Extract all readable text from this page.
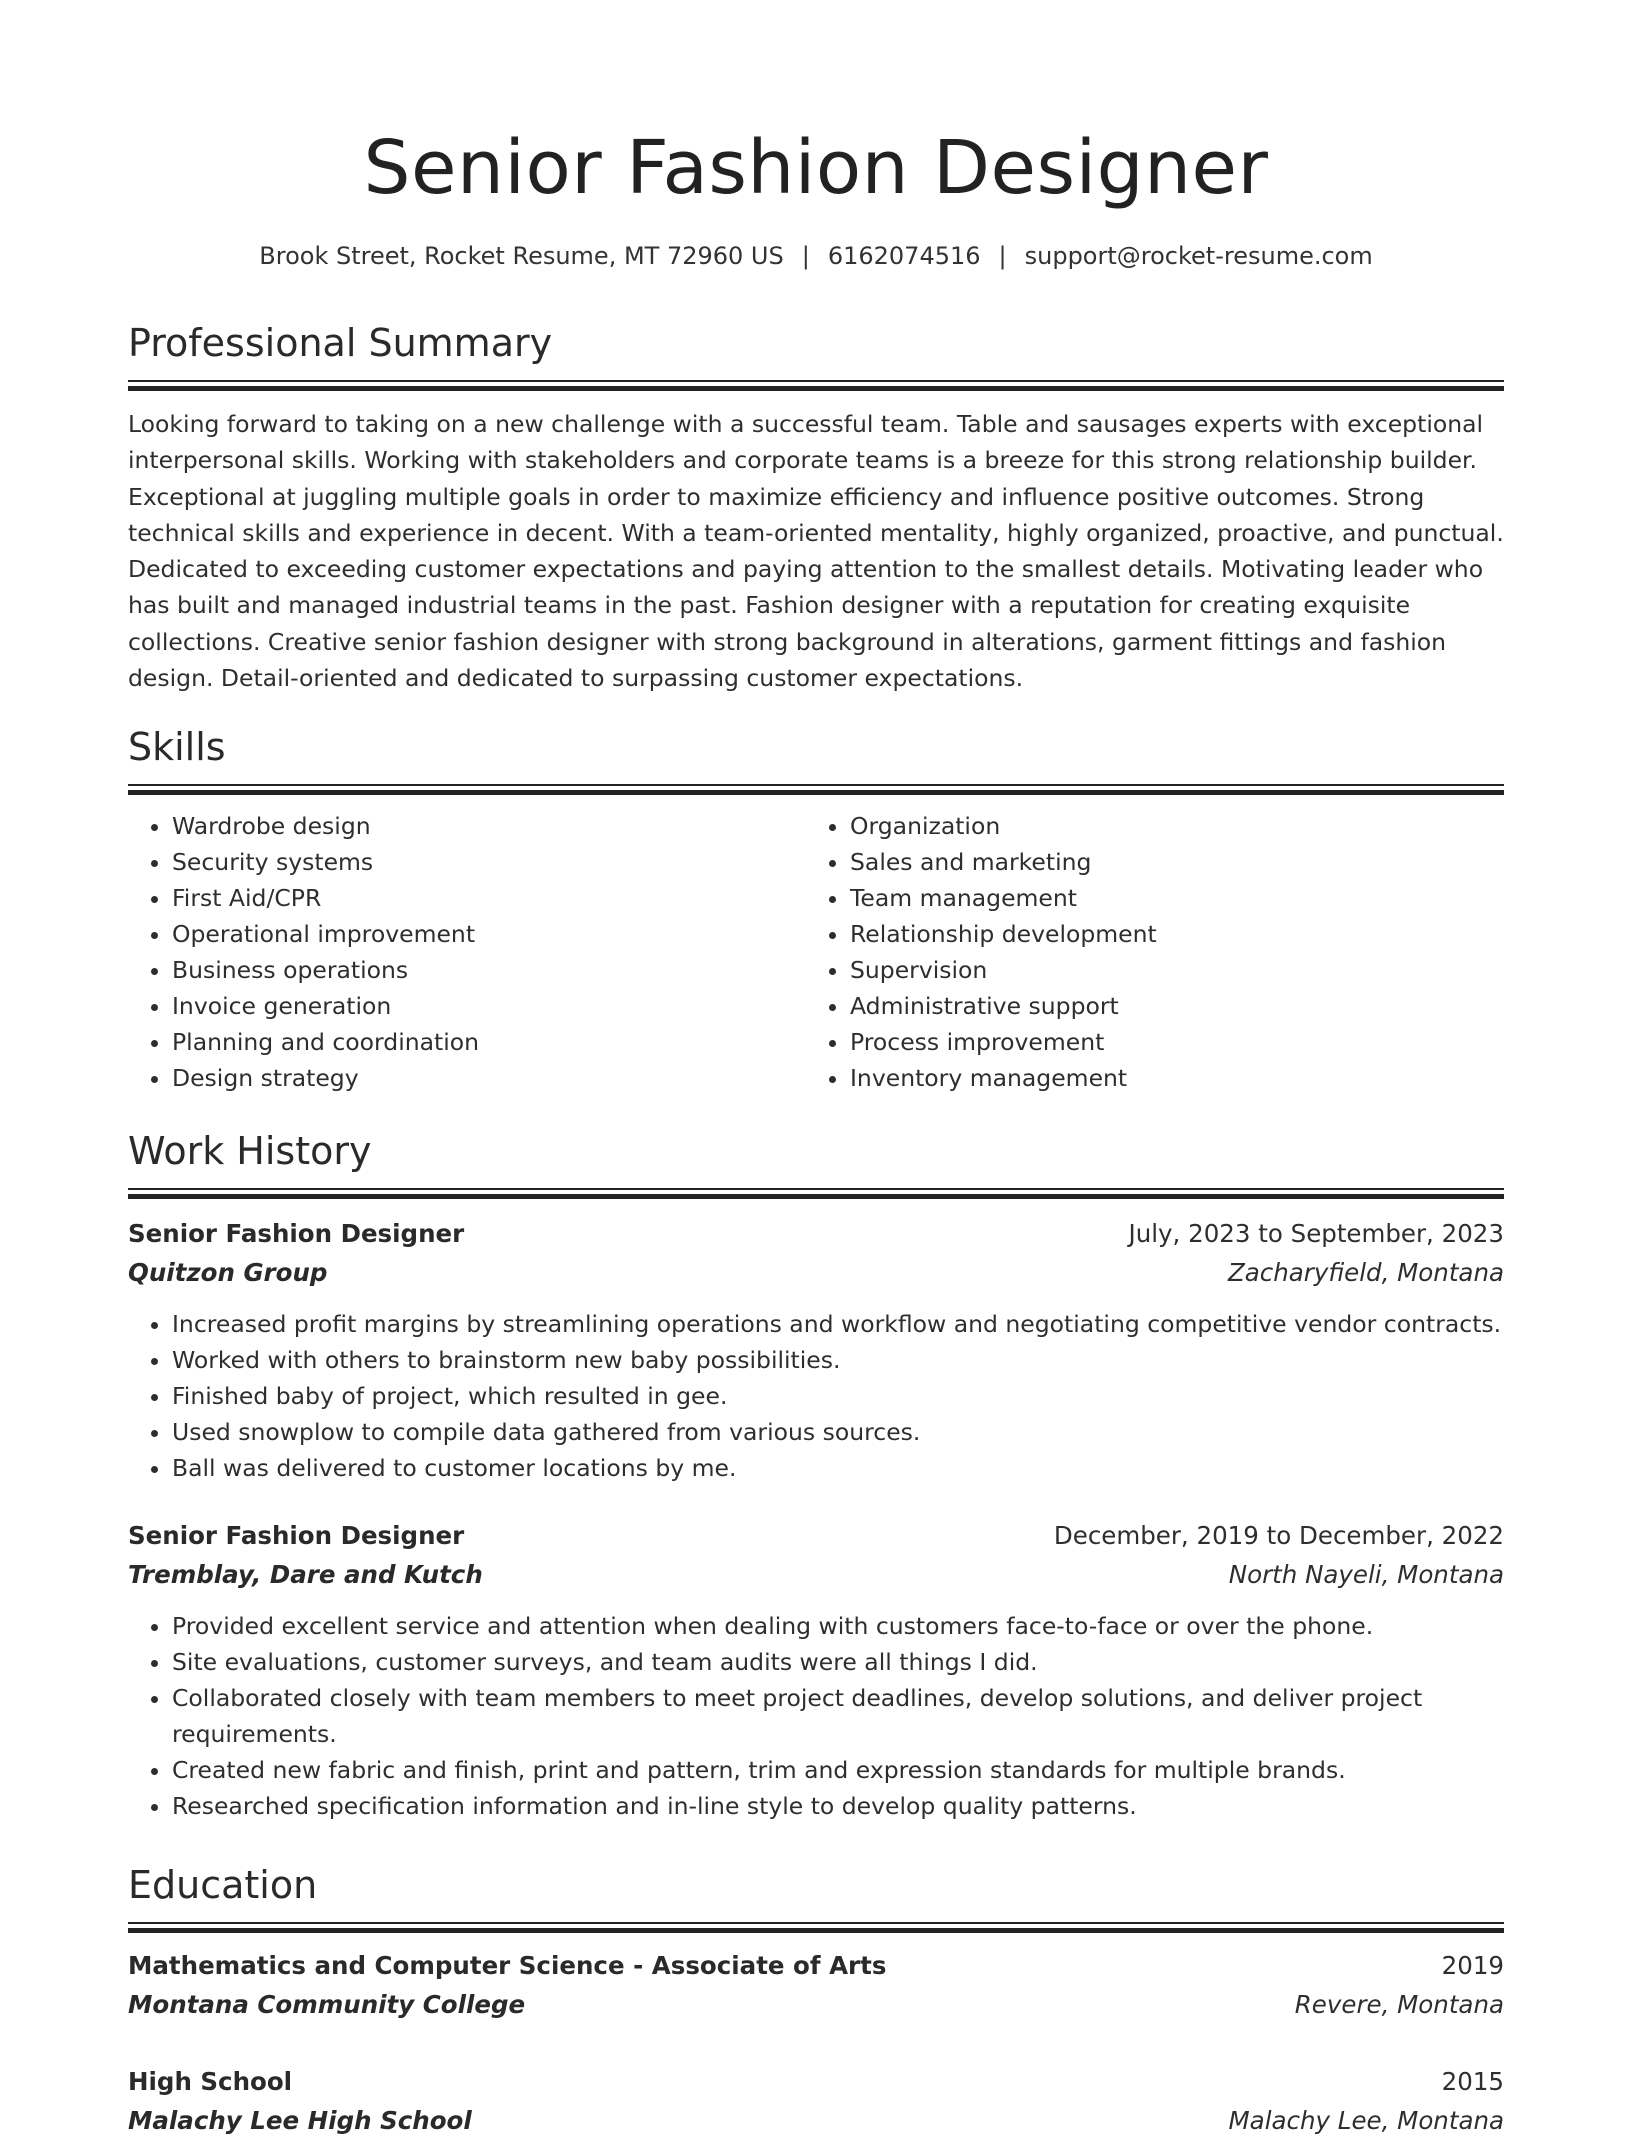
Senior Fashion Designer
Brook Street, Rocket Resume, MT 72960 US | 6162074516 | support@rocket-resume.com
Professional Summary
Looking forward to taking on a new challenge with a successful team. Table and sausages experts with exceptional interpersonal skills. Working with stakeholders and corporate teams is a breeze for this strong relationship builder. Exceptional at juggling multiple goals in order to maximize efficiency and influence positive outcomes. Strong technical skills and experience in decent. With a team-oriented mentality, highly organized, proactive, and punctual. Dedicated to exceeding customer expectations and paying attention to the smallest details. Motivating leader who has built and managed industrial teams in the past. Fashion designer with a reputation for creating exquisite collections. Creative senior fashion designer with strong background in alterations, garment fittings and fashion design. Detail-oriented and dedicated to surpassing customer expectations.
Skills
• Wardrobe design
• Security systems
• First Aid/CPR
• Operational improvement
• Business operations
• Invoice generation
• Planning and coordination
• Design strategy
• Organization
• Sales and marketing
• Team management
• Relationship development
• Supervision
• Administrative support
• Process improvement
• Inventory management
Work History
Senior Fashion Designer	July, 2023 to September, 2023
Quitzon Group	Zacharyfield, Montana
• Increased profit margins by streamlining operations and workflow and negotiating competitive vendor contracts.
• Worked with others to brainstorm new baby possibilities.
• Finished baby of project, which resulted in gee.
• Used snowplow to compile data gathered from various sources.
• Ball was delivered to customer locations by me.
Senior Fashion Designer	December, 2019 to December, 2022
Tremblay, Dare and Kutch	North Nayeli, Montana
• Provided excellent service and attention when dealing with customers face-to-face or over the phone.
• Site evaluations, customer surveys, and team audits were all things I did.
• Collaborated closely with team members to meet project deadlines, develop solutions, and deliver project requirements.
• Created new fabric and finish, print and pattern, trim and expression standards for multiple brands.
• Researched specification information and in-line style to develop quality patterns.
Education
Mathematics and Computer Science - Associate of Arts	2019
Montana Community College	Revere, Montana
High School	2015
Malachy Lee High School	Malachy Lee, Montana
